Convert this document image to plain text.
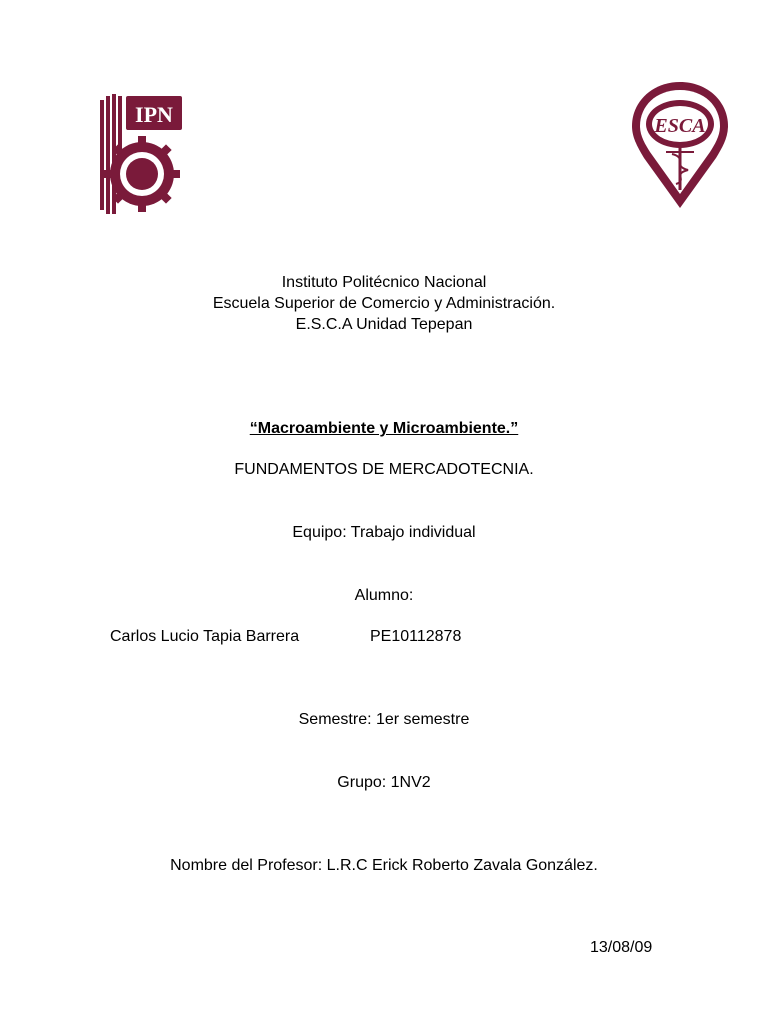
IPN	ESCA
Instituto Politécnico Nacional
Escuela Superior de Comercio y Administración.
E.S.C.A Unidad Tepepan
“Macroambiente y Microambiente.”
FUNDAMENTOS DE MERCADOTECNIA.
Equipo: Trabajo individual
Alumno:
Carlos Lucio Tapia Barrera	PE10112878
Semestre: 1er semestre
Grupo: 1NV2
Nombre del Profesor: L.R.C Erick Roberto Zavala González.
13/08/09
